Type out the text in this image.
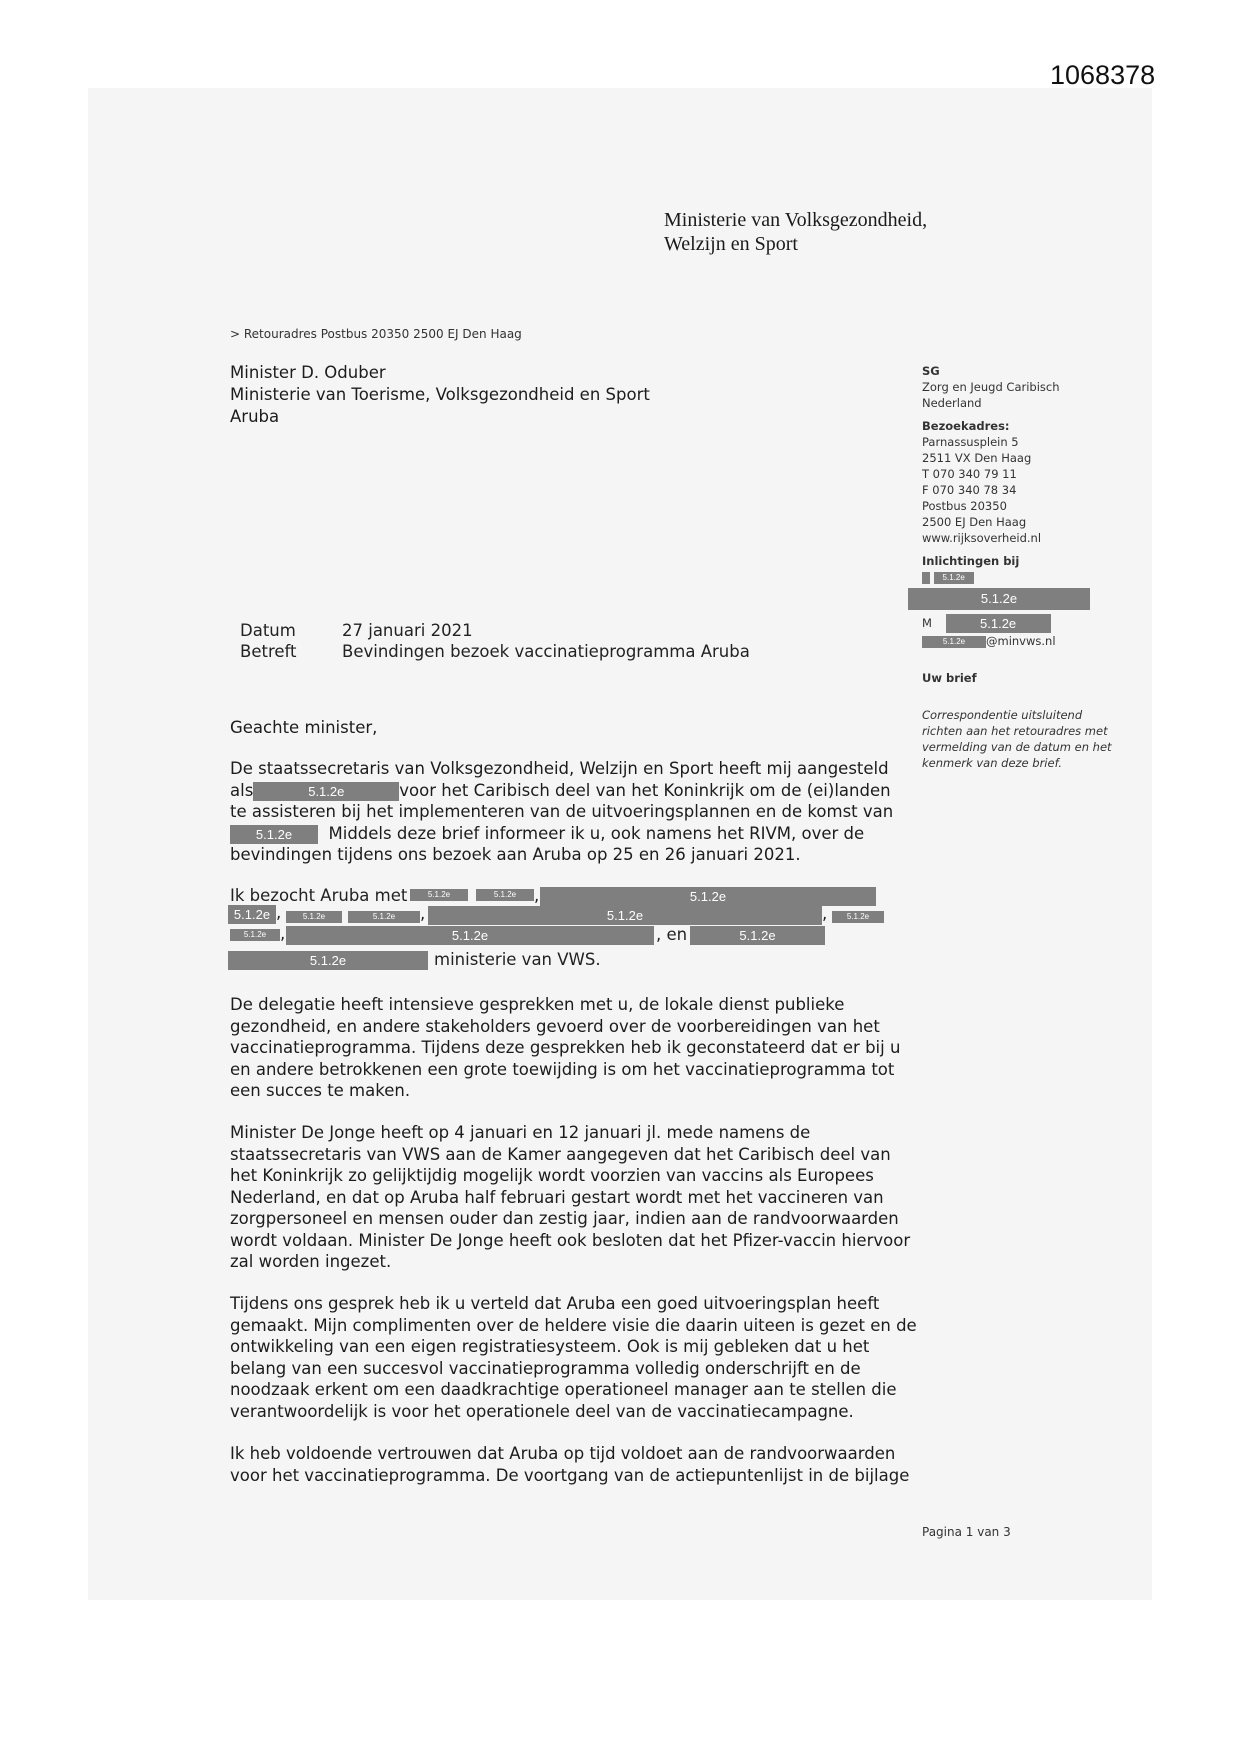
1068378
Ministerie van Volksgezondheid,
Welzijn en Sport
> Retouradres Postbus 20350 2500 EJ Den Haag
Minister D. Oduber
Ministerie van Toerisme, Volksgezondheid en Sport
Aruba
SG
Zorg en Jeugd Caribisch
Nederland
Bezoekadres:
Parnassusplein 5
2511 VX Den Haag
T 070 340 79 11
F 070 340 78 34
Postbus 20350
2500 EJ Den Haag
www.rijksoverheid.nl
Inlichtingen bij
5.1.2e
5.1.2e
M	5.1.2e
5.1.2e @minvws.nl
Uw brief
Correspondentie uitsluitend richten aan het retouradres met vermelding van de datum en het kenmerk van deze brief.
Datum	27 januari 2021
Betreft	Bevindingen bezoek vaccinatieprogramma Aruba
Geachte minister,

De staatssecretaris van Volksgezondheid, Welzijn en Sport heeft mij aangesteld

als	5.1.2e	voor het Caribisch deel van het Koninkrijk om de (ei)landen

te assisteren bij het implementeren van de uitvoeringsplannen en de komst van

5.1.2e Middels deze brief informeer ik u, ook namens het RIVM, over de

bevindingen tijdens ons bezoek aan Aruba op 25 en 26 januari 2021.

Ik bezocht Aruba met	5.1.2e	5.1.2e	,	5.1.2e
5.1.2e ,	5.1.2e	5.1.2e	,	5.1.2e	,	5.1.2e
5.1.2e ,	5.1.2e	, en	5.1.2e
5.1.2e	ministerie van VWS.

De delegatie heeft intensieve gesprekken met u, de lokale dienst publieke

gezondheid, en andere stakeholders gevoerd over de voorbereidingen van het

vaccinatieprogramma. Tijdens deze gesprekken heb ik geconstateerd dat er bij u

en andere betrokkenen een grote toewijding is om het vaccinatieprogramma tot

een succes te maken.

Minister De Jonge heeft op 4 januari en 12 januari jl. mede namens de

staatssecretaris van VWS aan de Kamer aangegeven dat het Caribisch deel van

het Koninkrijk zo gelijktijdig mogelijk wordt voorzien van vaccins als Europees

Nederland, en dat op Aruba half februari gestart wordt met het vaccineren van

zorgpersoneel en mensen ouder dan zestig jaar, indien aan de randvoorwaarden

wordt voldaan. Minister De Jonge heeft ook besloten dat het Pfizer-vaccin hiervoor

zal worden ingezet.

Tijdens ons gesprek heb ik u verteld dat Aruba een goed uitvoeringsplan heeft

gemaakt. Mijn complimenten over de heldere visie die daarin uiteen is gezet en de

ontwikkeling van een eigen registratiesysteem. Ook is mij gebleken dat u het

belang van een succesvol vaccinatieprogramma volledig onderschrijft en de

noodzaak erkent om een daadkrachtige operationeel manager aan te stellen die

verantwoordelijk is voor het operationele deel van de vaccinatiecampagne.

Ik heb voldoende vertrouwen dat Aruba op tijd voldoet aan de randvoorwaarden

voor het vaccinatieprogramma. De voortgang van de actiepuntenlijst in de bijlage

Pagina 1 van 3
